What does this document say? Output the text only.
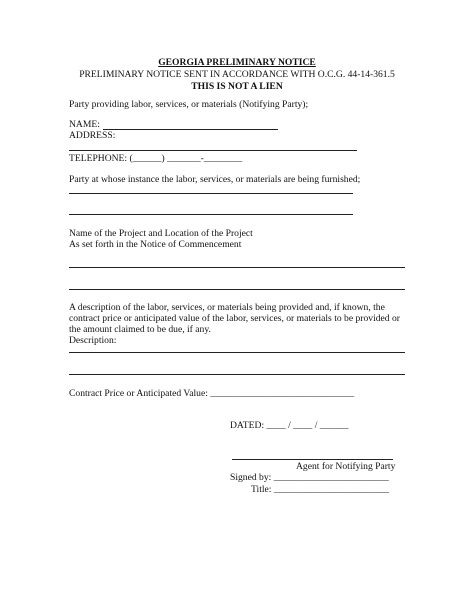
GEORGIA PRELIMINARY NOTICE
PRELIMINARY NOTICE SENT IN ACCORDANCE WITH O.C.G. 44-14-361.5
THIS IS NOT A LIEN
Party providing labor, services, or materials (Notifying Party);
NAME:
ADDRESS:
TELEPHONE: (______) _______-________
Party at whose instance the labor, services, or materials are being furnished;
Name of the Project and Location of the Project
As set forth in the Notice of Commencement
A description of the labor, services, or materials being provided and, if known, the
contract price or anticipated value of the labor, services, or materials to be provided or
the amount claimed to be due, if any.
Description:
Contract Price or Anticipated Value: ______________________________
DATED: ____ / ____ / ______
Agent for Notifying Party
Signed by: ________________________
Title: ________________________
